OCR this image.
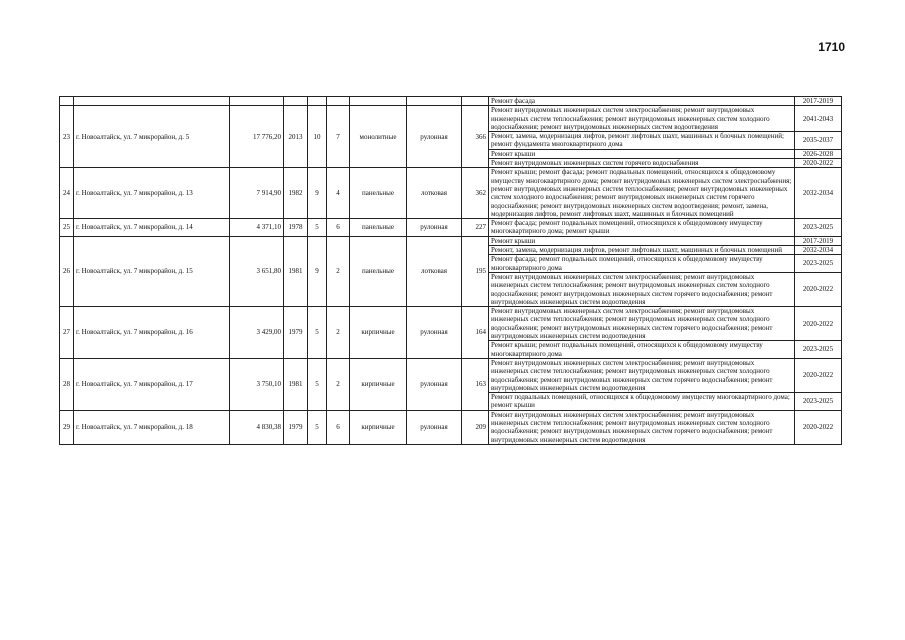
1710
									Ремонт фасада	2017-2019
23	г. Новоалтайск, ул. 7 микрорайон, д. 5	17 776,20	2013	10	7	монолитные	рулонная	366	Ремонт внутридомовых инженерных систем электроснабжения; ремонт внутридомовых инженерных систем теплоснабжения; ремонт внутридомовых инженерных систем холодного водоснабжения; ремонт внутридомовых инженерных систем водоотведения	2041-2043
									Ремонт, замена, модернизация лифтов, ремонт лифтовых шахт, машинных и блочных помещений; ремонт фундамента многоквартирного дома	2035-2037
									Ремонт крыши	2026-2028
									Ремонт внутридомовых инженерных систем горячего водоснабжения	2020-2022
24	г. Новоалтайск, ул. 7 микрорайон, д. 13	7 914,90	1982	9	4	панельные	лотковая	362	Ремонт крыши; ремонт фасада; ремонт подвальных помещений, относящихся к общедомовому имуществу многоквартирного дома; ремонт внутридомовых инженерных систем электроснабжения; ремонт внутридомовых инженерных систем теплоснабжения; ремонт внутридомовых инженерных систем холодного водоснабжения; ремонт внутридомовых инженерных систем горячего водоснабжения; ремонт внутридомовых инженерных систем водоотведения; ремонт, замена, модернизация лифтов, ремонт лифтовых шахт, машинных и блочных помещений	2032-2034
25	г. Новоалтайск, ул. 7 микрорайон, д. 14	4 371,10	1978	5	6	панельные	рулонная	227	Ремонт фасада; ремонт подвальных помещений, относящихся к общедомовому имуществу многоквартирного дома; ремонт крыши	2023-2025
26	г. Новоалтайск, ул. 7 микрорайон, д. 15	3 651,80	1981	9	2	панельные	лотковая	195	Ремонт крыши	2017-2019
									Ремонт, замена, модернизация лифтов, ремонт лифтовых шахт, машинных и блочных помещений	2032-2034
									Ремонт фасада; ремонт подвальных помещений, относящихся к общедомовому имуществу многоквартирного дома	2023-2025
									Ремонт внутридомовых инженерных систем электроснабжения; ремонт внутридомовых инженерных систем теплоснабжения; ремонт внутридомовых инженерных систем холодного водоснабжения; ремонт внутридомовых инженерных систем горячего водоснабжения; ремонт внутридомовых инженерных систем водоотведения	2020-2022
27	г. Новоалтайск, ул. 7 микрорайон, д. 16	3 429,00	1979	5	2	кирпичные	рулонная	164	Ремонт внутридомовых инженерных систем электроснабжения; ремонт внутридомовых инженерных систем теплоснабжения; ремонт внутридомовых инженерных систем холодного водоснабжения; ремонт внутридомовых инженерных систем горячего водоснабжения; ремонт внутридомовых инженерных систем водоотведения	2020-2022
									Ремонт крыши; ремонт подвальных помещений, относящихся к общедомовому имуществу многоквартирного дома	2023-2025
28	г. Новоалтайск, ул. 7 микрорайон, д. 17	3 750,10	1981	5	2	кирпичные	рулонная	163	Ремонт внутридомовых инженерных систем электроснабжения; ремонт внутридомовых инженерных систем теплоснабжения; ремонт внутридомовых инженерных систем холодного водоснабжения; ремонт внутридомовых инженерных систем горячего водоснабжения; ремонт внутридомовых инженерных систем водоотведения	2020-2022
									Ремонт подвальных помещений, относящихся к общедомовому имуществу многоквартирного дома; ремонт крыши	2023-2025
29	г. Новоалтайск, ул. 7 микрорайон, д. 18	4 830,38	1979	5	6	кирпичные	рулонная	209	Ремонт внутридомовых инженерных систем электроснабжения; ремонт внутридомовых инженерных систем теплоснабжения; ремонт внутридомовых инженерных систем холодного водоснабжения; ремонт внутридомовых инженерных систем горячего водоснабжения; ремонт внутридомовых инженерных систем водоотведения	2020-2022
